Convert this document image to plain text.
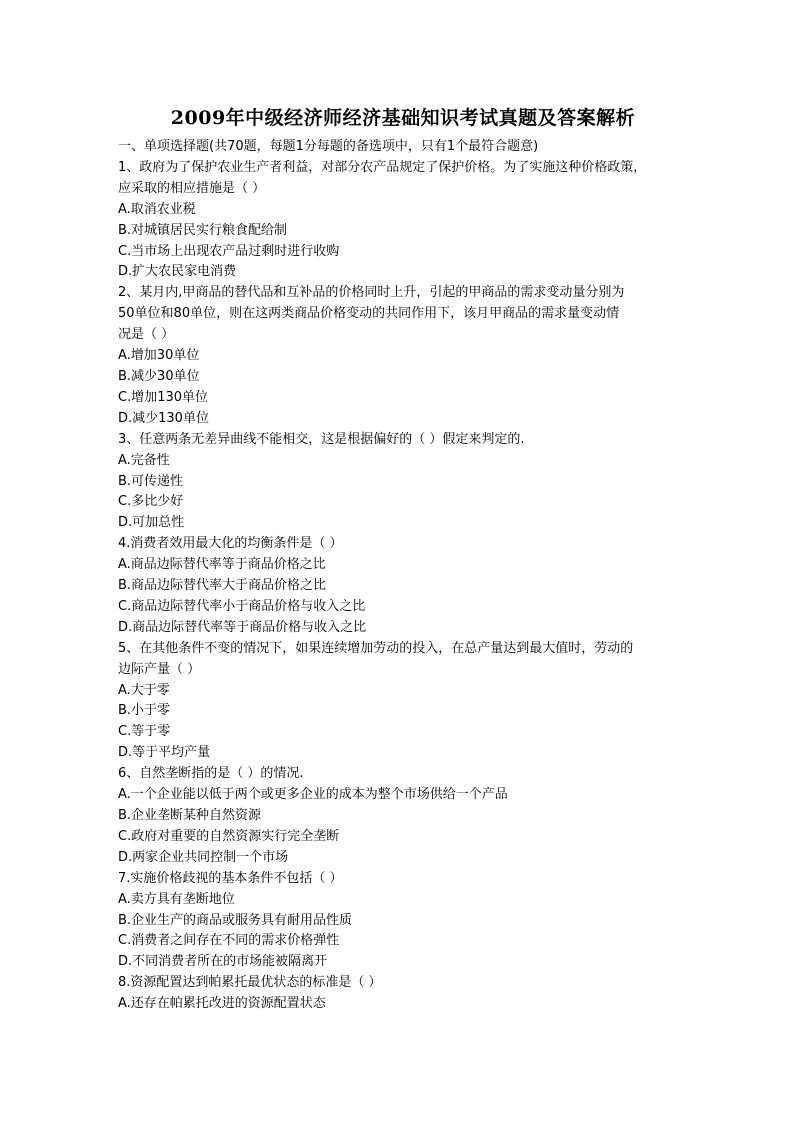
2009年中级经济师经济基础知识考试真题及答案解析

一、单项选择题(共70题，每题1分每题的备选项中，只有1个最符合题意)

1、政府为了保护农业生产者利益，对部分农产品规定了保护价格。为了实施这种价格政策，

应采取的相应措施是（ ）

A.取消农业税

B.对城镇居民实行粮食配给制

C.当市场上出现农产品过剩时进行收购

D.扩大农民家电消费

2、某月内,甲商品的替代品和互补品的价格同时上升，引起的甲商品的需求变动量分别为

50单位和80单位，则在这两类商品价格变动的共同作用下，该月甲商品的需求量变动情

况是（ ）

A.增加30单位

B.减少30单位

C.增加130单位

D.减少130单位

3、任意两条无差异曲线不能相交，这是根据偏好的（ ）假定来判定的.

A.完备性

B.可传递性

C.多比少好

D.可加总性

4.消费者效用最大化的均衡条件是（ ）

A.商品边际替代率等于商品价格之比

B.商品边际替代率大于商品价格之比

C.商品边际替代率小于商品价格与收入之比

D.商品边际替代率等于商品价格与收入之比

5、在其他条件不变的情况下，如果连续增加劳动的投入，在总产量达到最大值时，劳动的

边际产量（ ）

A.大于零

B.小于零

C.等于零

D.等于平均产量

6、自然垄断指的是（ ）的情况.

A.一个企业能以低于两个或更多企业的成本为整个市场供给一个产品

B.企业垄断某种自然资源

C.政府对重要的自然资源实行完全垄断

D.两家企业共同控制一个市场

7.实施价格歧视的基本条件不包括（ ）

A.卖方具有垄断地位

B.企业生产的商品或服务具有耐用品性质

C.消费者之间存在不同的需求价格弹性

D.不同消费者所在的市场能被隔离开

8.资源配置达到帕累托最优状态的标准是（ ）

A.还存在帕累托改进的资源配置状态
